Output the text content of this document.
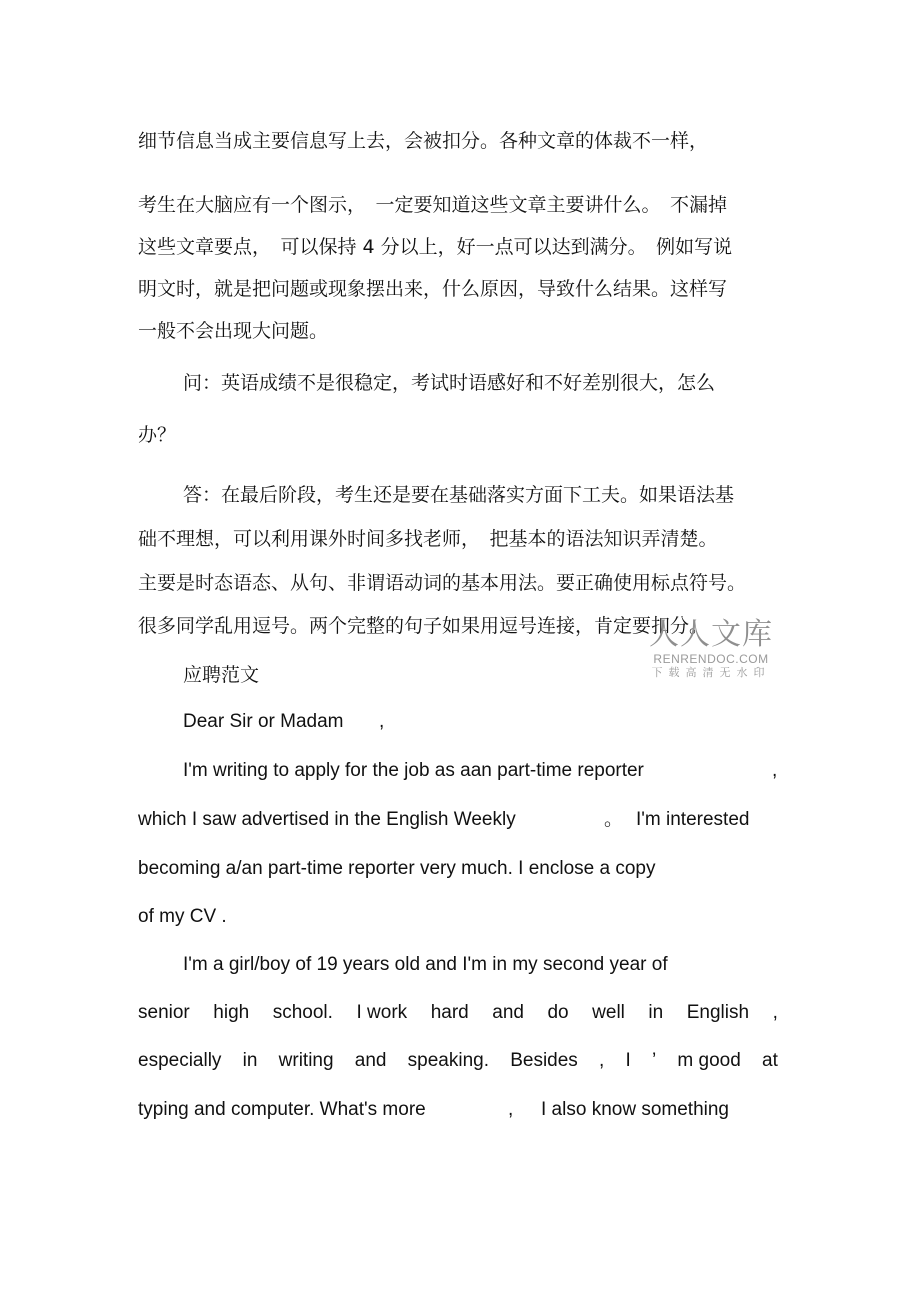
细节信息当成主要信息写上去，会被扣分。各种文章的体裁不一样，
考生在大脑应有一个图示，　一定要知道这些文章主要讲什么。　不漏掉
这些文章要点，　可以保持 4 分以上，好一点可以达到满分。　例如写说
明文时，就是把问题或现象摆出来，什么原因，导致什么结果。这样写
一般不会出现大问题。
问：英语成绩不是很稳定，考试时语感好和不好差别很大，怎么
办？
答：在最后阶段，考生还是要在基础落实方面下工夫。如果语法基
础不理想，可以利用课外时间多找老师，　把基本的语法知识弄清楚。
主要是时态语态、从句、非谓语动词的基本用法。要正确使用标点符号。
很多同学乱用逗号。两个完整的句子如果用逗号连接，肯定要扣分。
应聘范文
Dear Sir or Madam ,
I'm writing to apply for the job as aan part-time reporter	,
which I saw advertised in the English Weekly	。 I'm interested
becoming a/an part-time reporter very much. I enclose a copy
of my CV .
I'm a girl/boy of 19 years old and I'm in my second year of
senior high school. I work hard and do well in English ,
especially in writing and speaking. Besides , I ’ m good at
typing and computer. What's more	, I also know something
人人文库
RENRENDOC.COM
下载高清无水印
